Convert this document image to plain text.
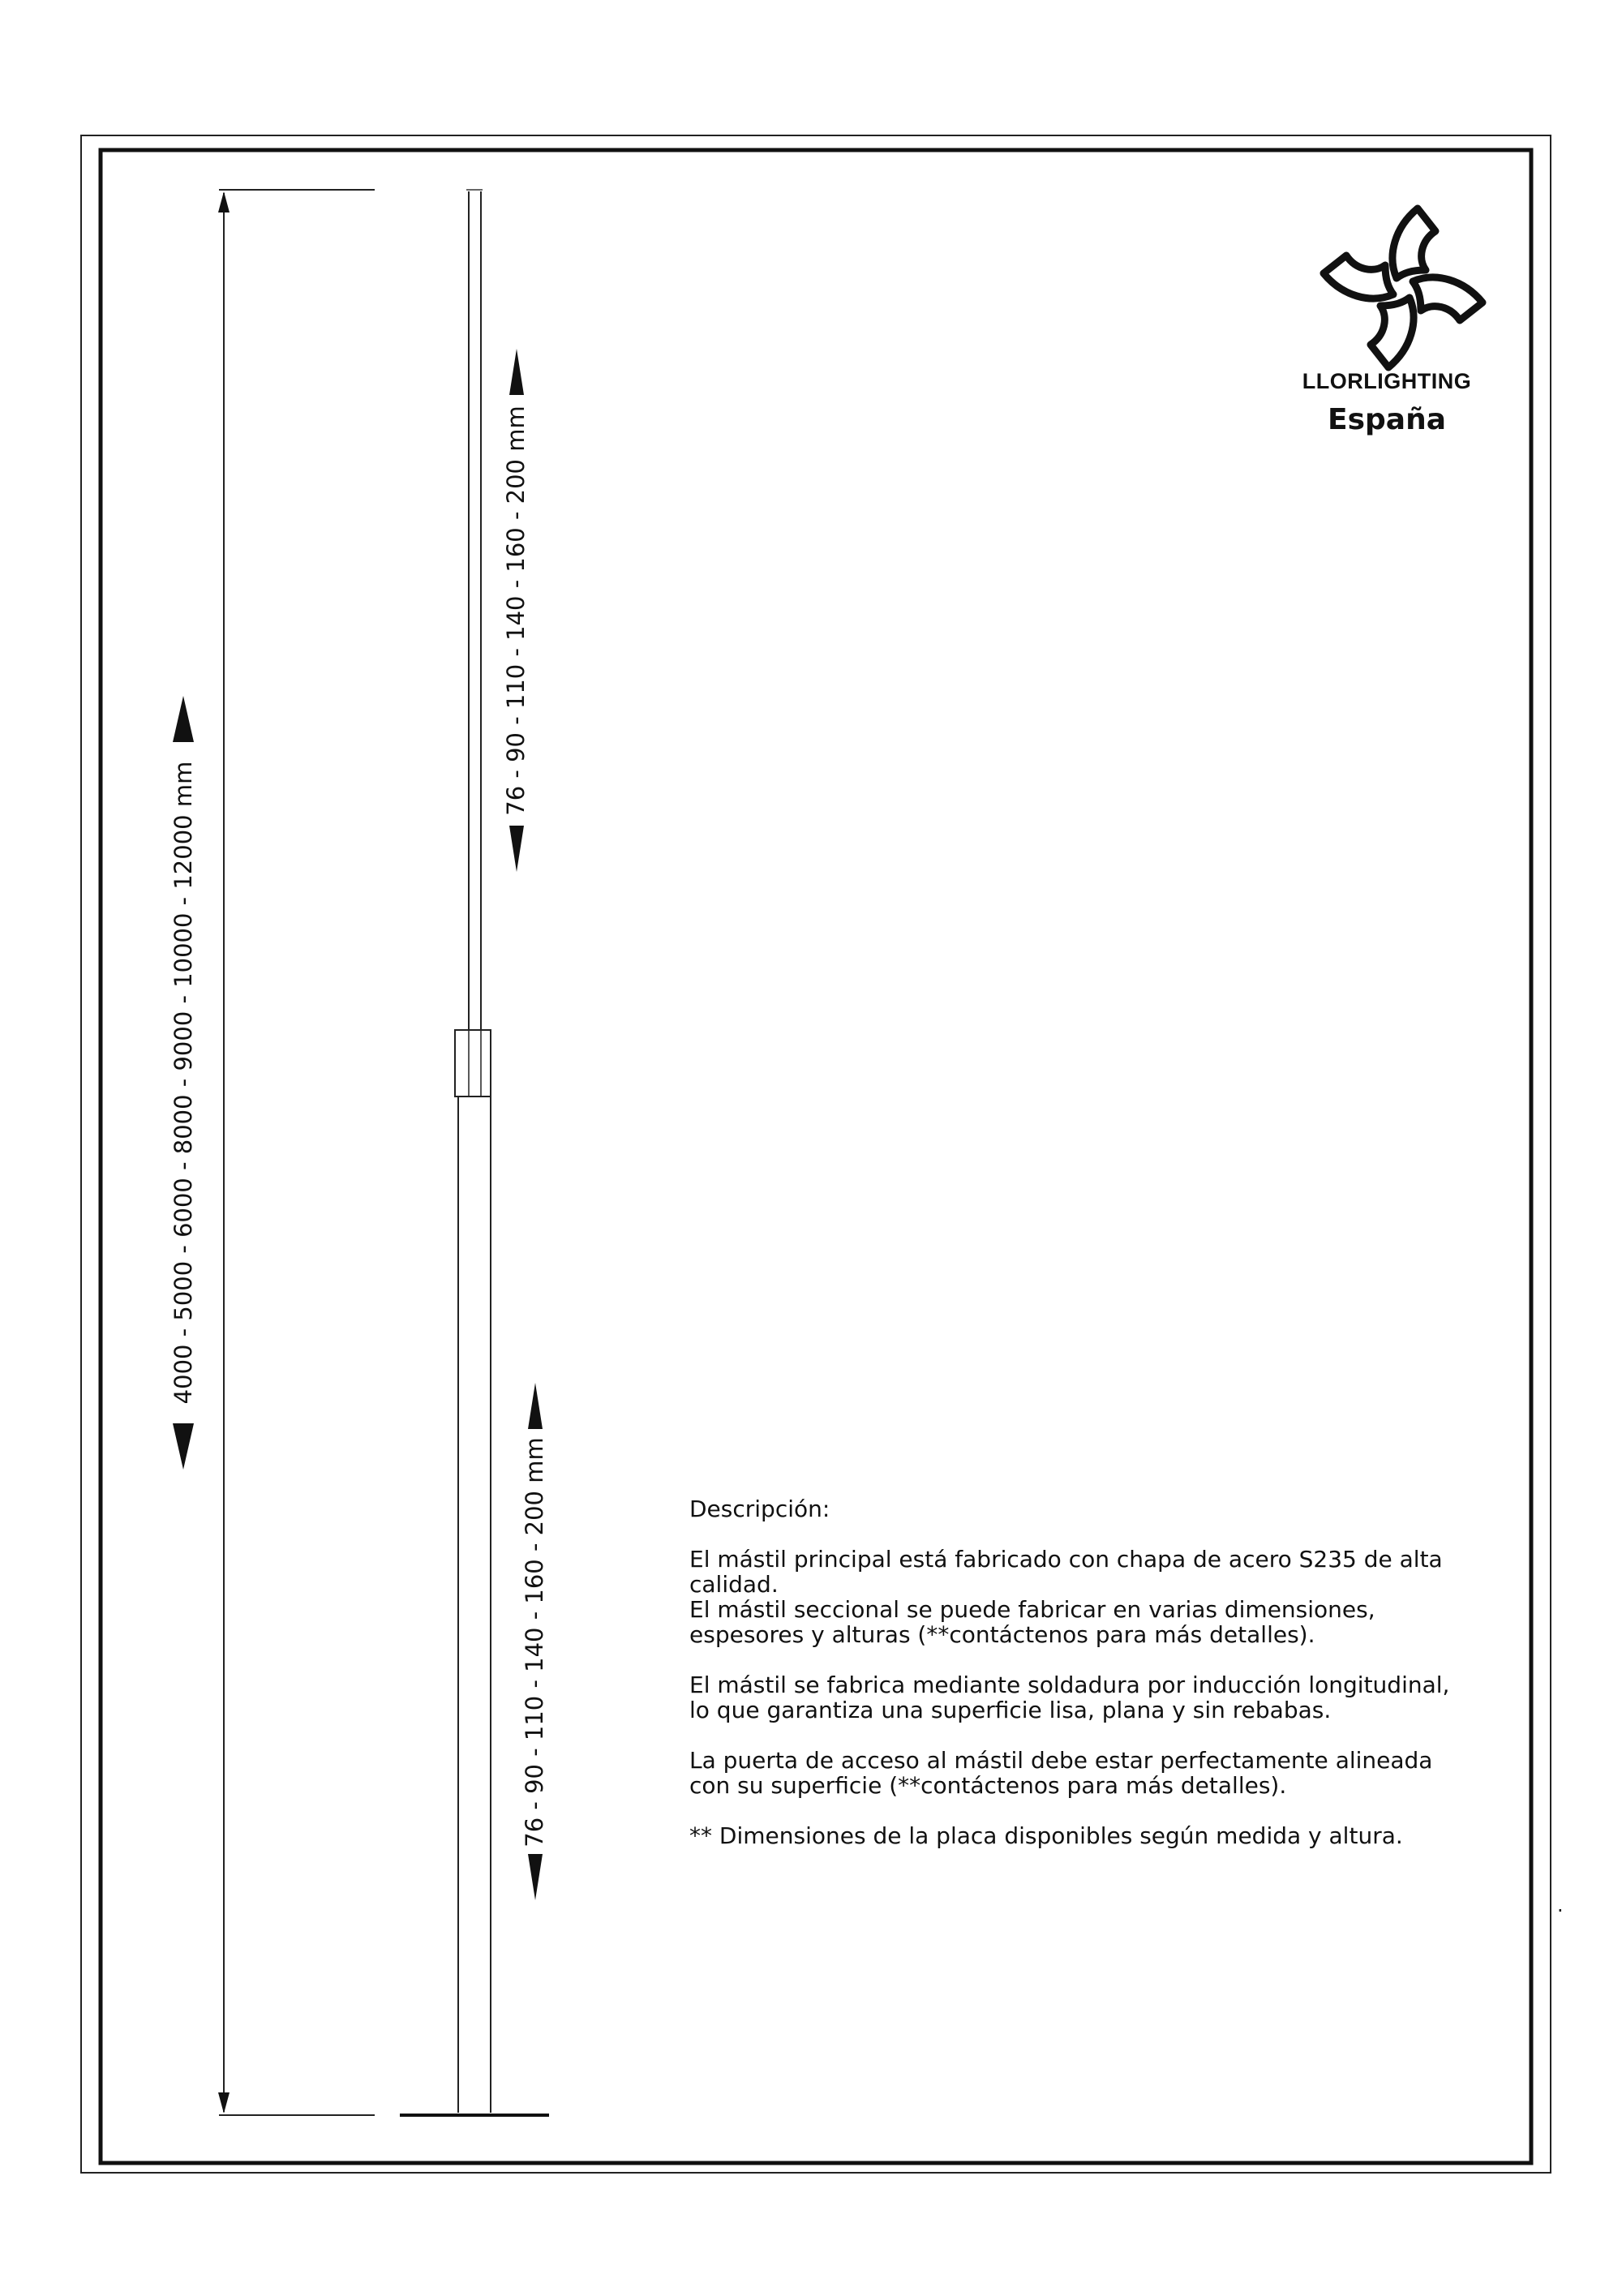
4000 - 5000 - 6000 - 8000 - 9000 - 10000 - 12000 mm
76 - 90 - 110 - 140 - 160 - 200 mm
76 - 90 - 110 - 140 - 160 - 200 mm
LLORLIGHTING
España

Descripción:

El mástil principal está fabricado con chapa de acero S235 de alta

calidad.

El mástil seccional se puede fabricar en varias dimensiones,

espesores y alturas (**contáctenos para más detalles).

El mástil se fabrica mediante soldadura por inducción longitudinal,

lo que garantiza una superficie lisa, plana y sin rebabas.

La puerta de acceso al mástil debe estar perfectamente alineada

con su superficie (**contáctenos para más detalles).

** Dimensiones de la placa disponibles según medida y altura.

.
